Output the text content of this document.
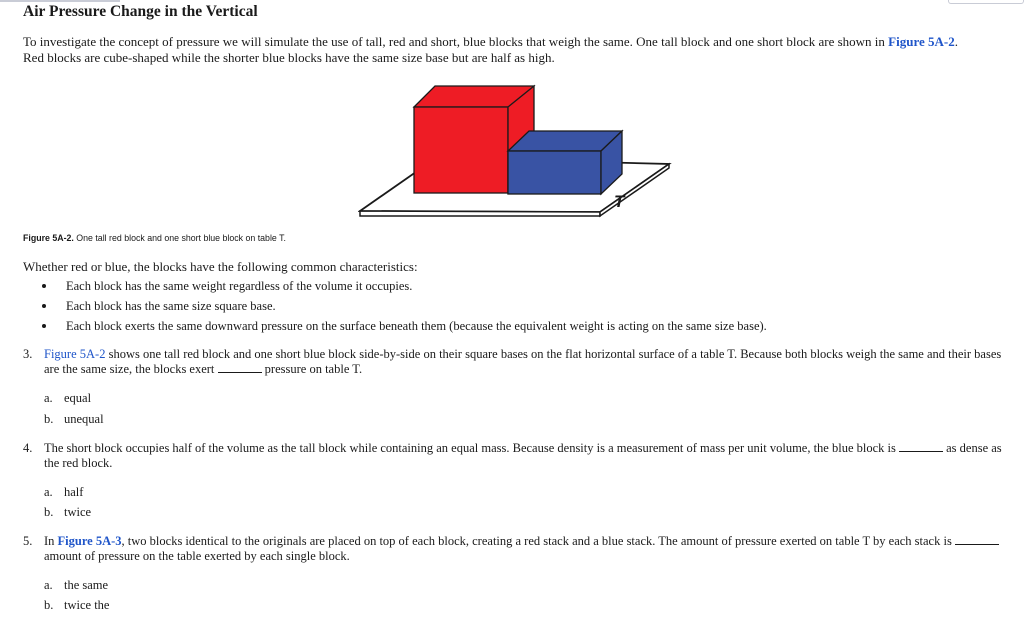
Air Pressure Change in the Vertical
To investigate the concept of pressure we will simulate the use of tall, red and short, blue blocks that weigh the same. One tall block and one short block are shown in Figure 5A-2.
Red blocks are cube-shaped while the shorter blue blocks have the same size base but are half as high.
T
Figure 5A-2. One tall red block and one short blue block on table T.
Whether red or blue, the blocks have the following common characteristics:
Each block has the same weight regardless of the volume it occupies.
Each block has the same size square base.
Each block exerts the same downward pressure on the surface beneath them (because the equivalent weight is acting on the same size base).
3. Figure 5A-2 shows one tall red block and one short blue block side-by-side on their square bases on the flat horizontal surface of a table T. Because both blocks weigh the same and their bases are the same size, the blocks exert	pressure on table T.
a. equal
b. unequal
4. The short block occupies half of the volume as the tall block while containing an equal mass. Because density is a measurement of mass per unit volume, the blue block is	as dense as the red block.
a. half
b. twice
5. In Figure 5A-3, two blocks identical to the originals are placed on top of each block, creating a red stack and a blue stack. The amount of pressure exerted on table T by each stack is  amount of pressure on the table exerted by each single block.
a. the same
b. twice the
